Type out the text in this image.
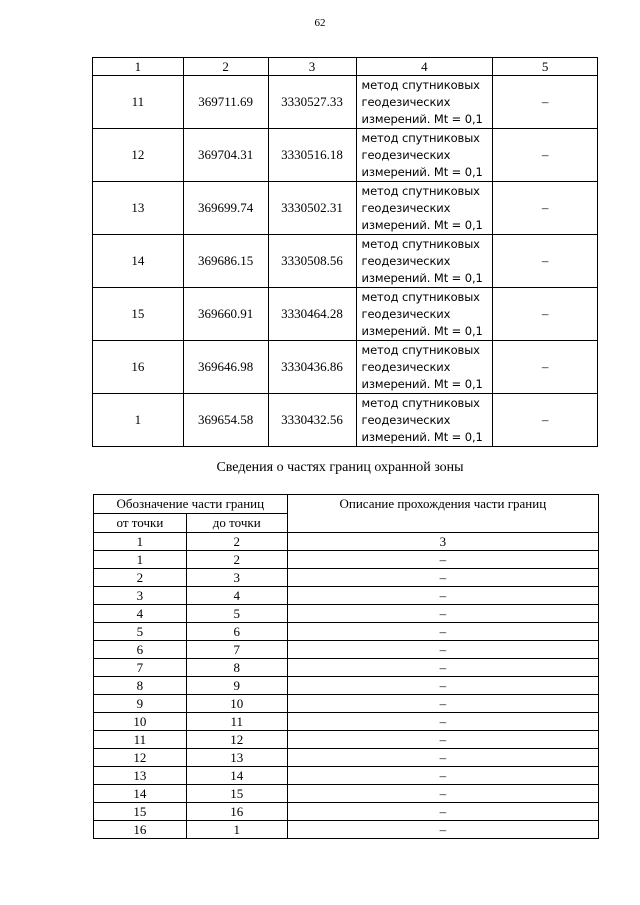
62
1	2	3	4	5
11	369711.69	3330527.33	метод спутниковых
геодезических
измерений. Mt = 0,1	–
12	369704.31	3330516.18	метод спутниковых
геодезических
измерений. Mt = 0,1	–
13	369699.74	3330502.31	метод спутниковых
геодезических
измерений. Mt = 0,1	–
14	369686.15	3330508.56	метод спутниковых
геодезических
измерений. Mt = 0,1	–
15	369660.91	3330464.28	метод спутниковых
геодезических
измерений. Mt = 0,1	–
16	369646.98	3330436.86	метод спутниковых
геодезических
измерений. Mt = 0,1	–
1	369654.58	3330432.56	метод спутниковых
геодезических
измерений. Mt = 0,1	–
Сведения о частях границ охранной зоны
Обозначение части границ		Описание прохождения части границ
от точки	до точки	
1	2	3
1	2	–
2	3	–
3	4	–
4	5	–
5	6	–
6	7	–
7	8	–
8	9	–
9	10	–
10	11	–
11	12	–
12	13	–
13	14	–
14	15	–
15	16	–
16	1	–
